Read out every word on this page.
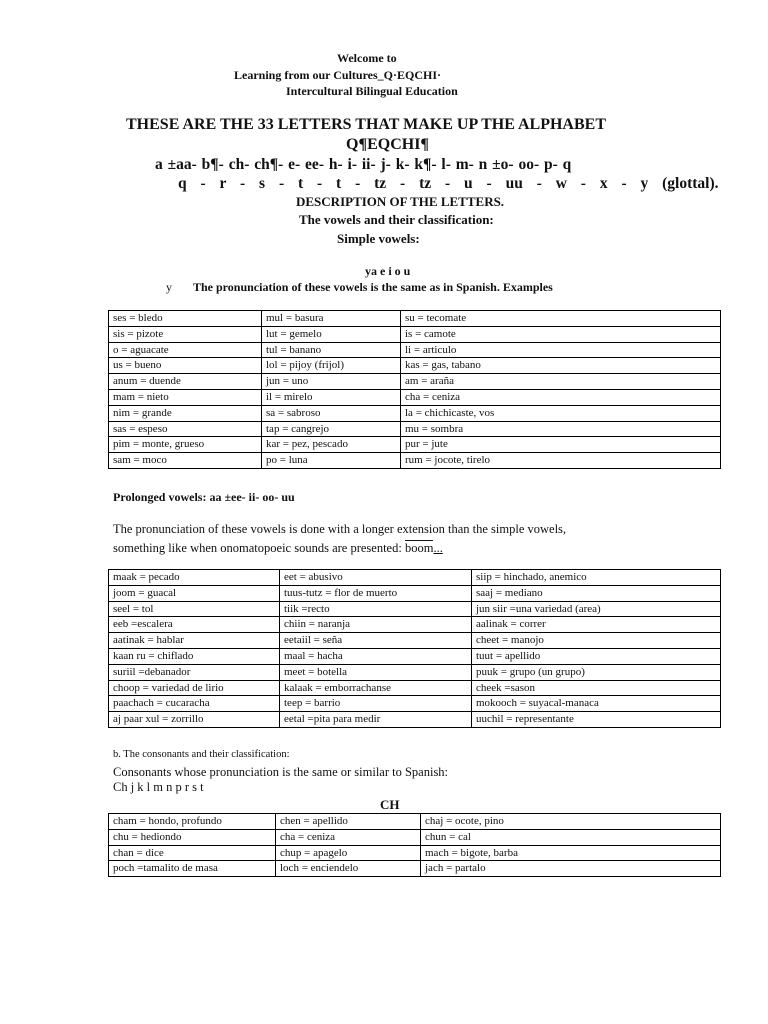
Welcome to
Learning from our Cultures_Q·EQCHI·
Intercultural Bilingual Education
THESE ARE THE 33 LETTERS THAT MAKE UP THE ALPHABET
Q¶EQCHI¶
a ±aa- b¶- ch- ch¶- e- ee- h- i- ii- j- k- k¶- l- m- n ±o- oo- p- q
q - r - s - t - t - tz - tz - u - uu - w - x - y (glottal).
DESCRIPTION OF THE LETTERS.
The vowels and their classification:
Simple vowels:
ya e i o u
y The pronunciation of these vowels is the same as in Spanish. Examples
ses = bledo	mul = basura	su = tecomate
sis = pizote	lut = gemelo	is = camote
o = aguacate	tul = banano	li = articulo
us = bueno	lol = pijoy (frijol)	kas = gas, tabano
anum = duende	jun = uno	am = araña
mam = nieto	il = mirelo	cha = ceniza
nim = grande	sa = sabroso	la = chichicaste, vos
sas = espeso	tap = cangrejo	mu = sombra
pim = monte, grueso	kar = pez, pescado	pur = jute
sam = moco	po = luna	rum = jocote, tirelo
Prolonged vowels: aa ±ee- ii- oo- uu
The pronunciation of these vowels is done with a longer extension than the simple vowels,
something like when onomatopoeic sounds are presented: boom...
maak = pecado	eet = abusivo	siip = hinchado, anemico
joom = guacal	tuus-tutz = flor de muerto	saaj = mediano
seel = tol	tiik =recto	jun siir =una variedad (area)
eeb =escalera	chiin = naranja	aalinak = correr
aatinak = hablar	eetaiil = seña	cheet = manojo
kaan ru = chiflado	maal = hacha	tuut = apellido
suriil =debanador	meet = botella	puuk = grupo (un grupo)
choop = variedad de lirio	kalaak = emborrachanse	cheek =sason
paachach = cucaracha	teep = barrio	mokooch = suyacal-manaca
aj paar xul = zorrillo	eetal =pita para medir	uuchil = representante
b. The consonants and their classification:
Consonants whose pronunciation is the same or similar to Spanish:
Ch j k l m n p r s t
CH
cham = hondo, profundo	chen = apellido	chaj = ocote, pino
chu = hediondo	cha = ceniza	chun = cal
chan = dice	chup = apagelo	mach = bigote, barba
poch =tamalito de masa	loch = enciendelo	jach = partalo
